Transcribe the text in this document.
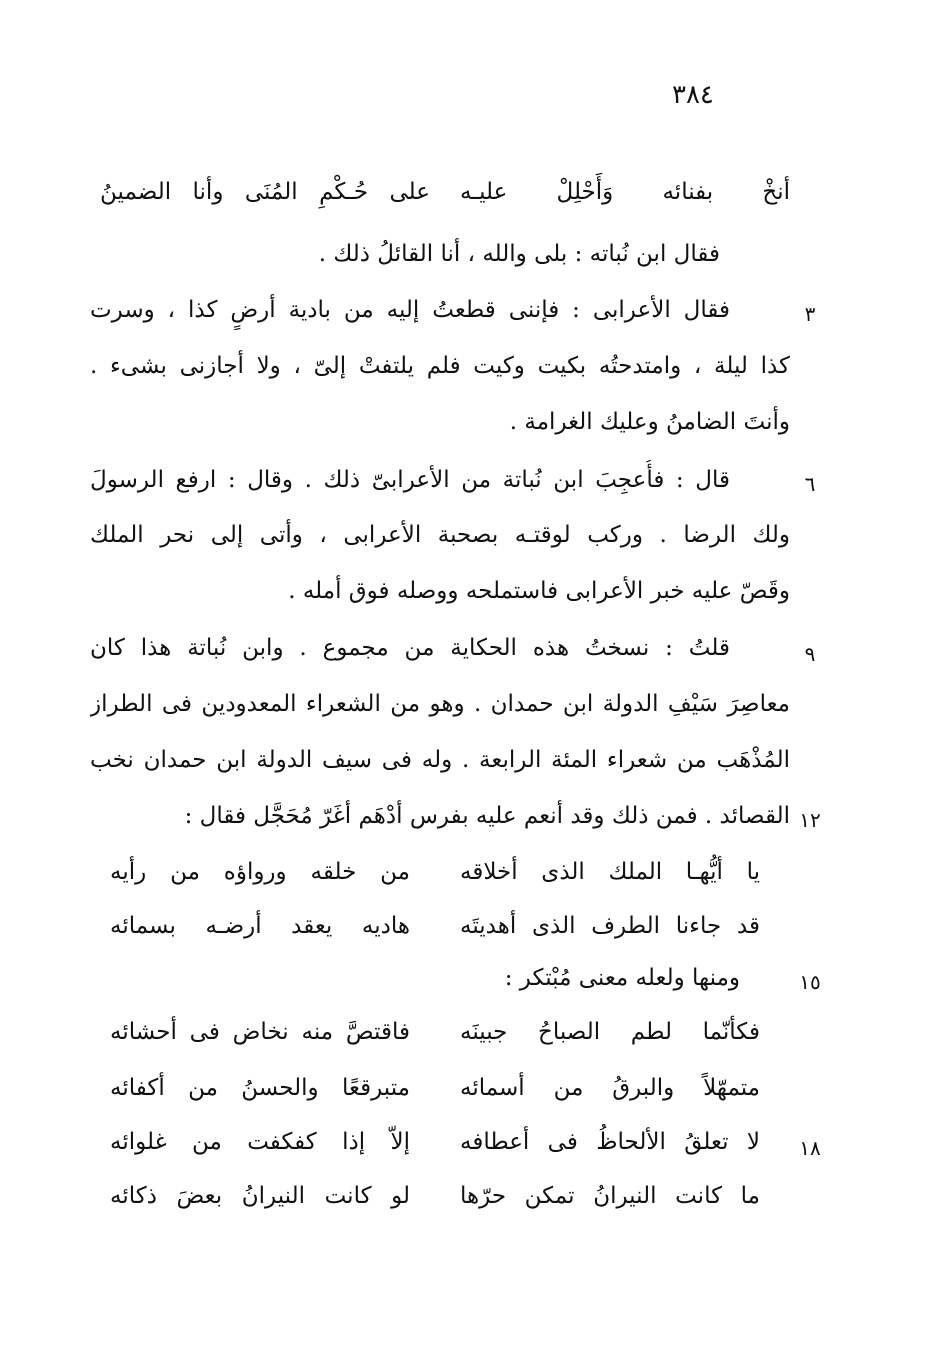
٣٨٤
أنخْ بفنائه وَأَحْلِلْ عليـه
على حُـكْمِ المُنَى وأنا الضمينُ
فقال ابن نُباته : بلى والله ، أنا القائلُ ذلك .
٣
فقال الأعرابى : فإننى قطعتُ إليه من بادية أرضٍ كذا ، وسرت
كذا ليلة ، وامتدحتُه بكيت وكيت فلم يلتفتْ إلىّ ، ولا أجازنى بشىء .
وأنتَ الضامنُ وعليك الغرامة .
٦
قال : فأُعجِبَ ابن نُباتة من الأعرابىّ ذلك . وقال : ارفع الرسولَ
ولك الرضا . وركب لوقتـه بصحبة الأعرابى ، وأتى إلى نحر الملك
وقَصّ عليه خبر الأعرابى فاستملحه ووصله فوق أمله .
٩
قلتُ : نسختُ هذه الحكاية من مجموع . وابن نُباتة هذا كان
معاصِرَ سَيْفِ الدولة ابن حمدان . وهو من الشعراء المعدودين فى الطراز
المُذْهَب من شعراء المئة الرابعة . وله فى سيف الدولة ابن حمدان نخب
١٢
القصائد . فمن ذلك وقد أنعم عليه بفرس أدْهَم أغَرّ مُحَجَّل فقال :
يا أيُّهـا الملك الذى أخلاقه
من خلقه ورواؤه من رأيه
قد جاءنا الطرف الذى أهديتَه
هاديه يعقد أرضـه بسمائه
١٥
ومنها ولعله معنى مُبْتكر :
فكأنّما لطم الصباحُ جبينَه
فاقتصَّ منه نخاض فى أحشائه
متمهّلاً والبرقُ من أسمائه
متبرقعًا والحسنُ من أكفائه
١٨
لا تعلقُ الألحاظُ فى أعطافه
إلاّ إذا كفكفت من غلوائه
ما كانت النيرانُ تمكن حرّها
لو كانت النيرانُ بعضَ ذكائه
